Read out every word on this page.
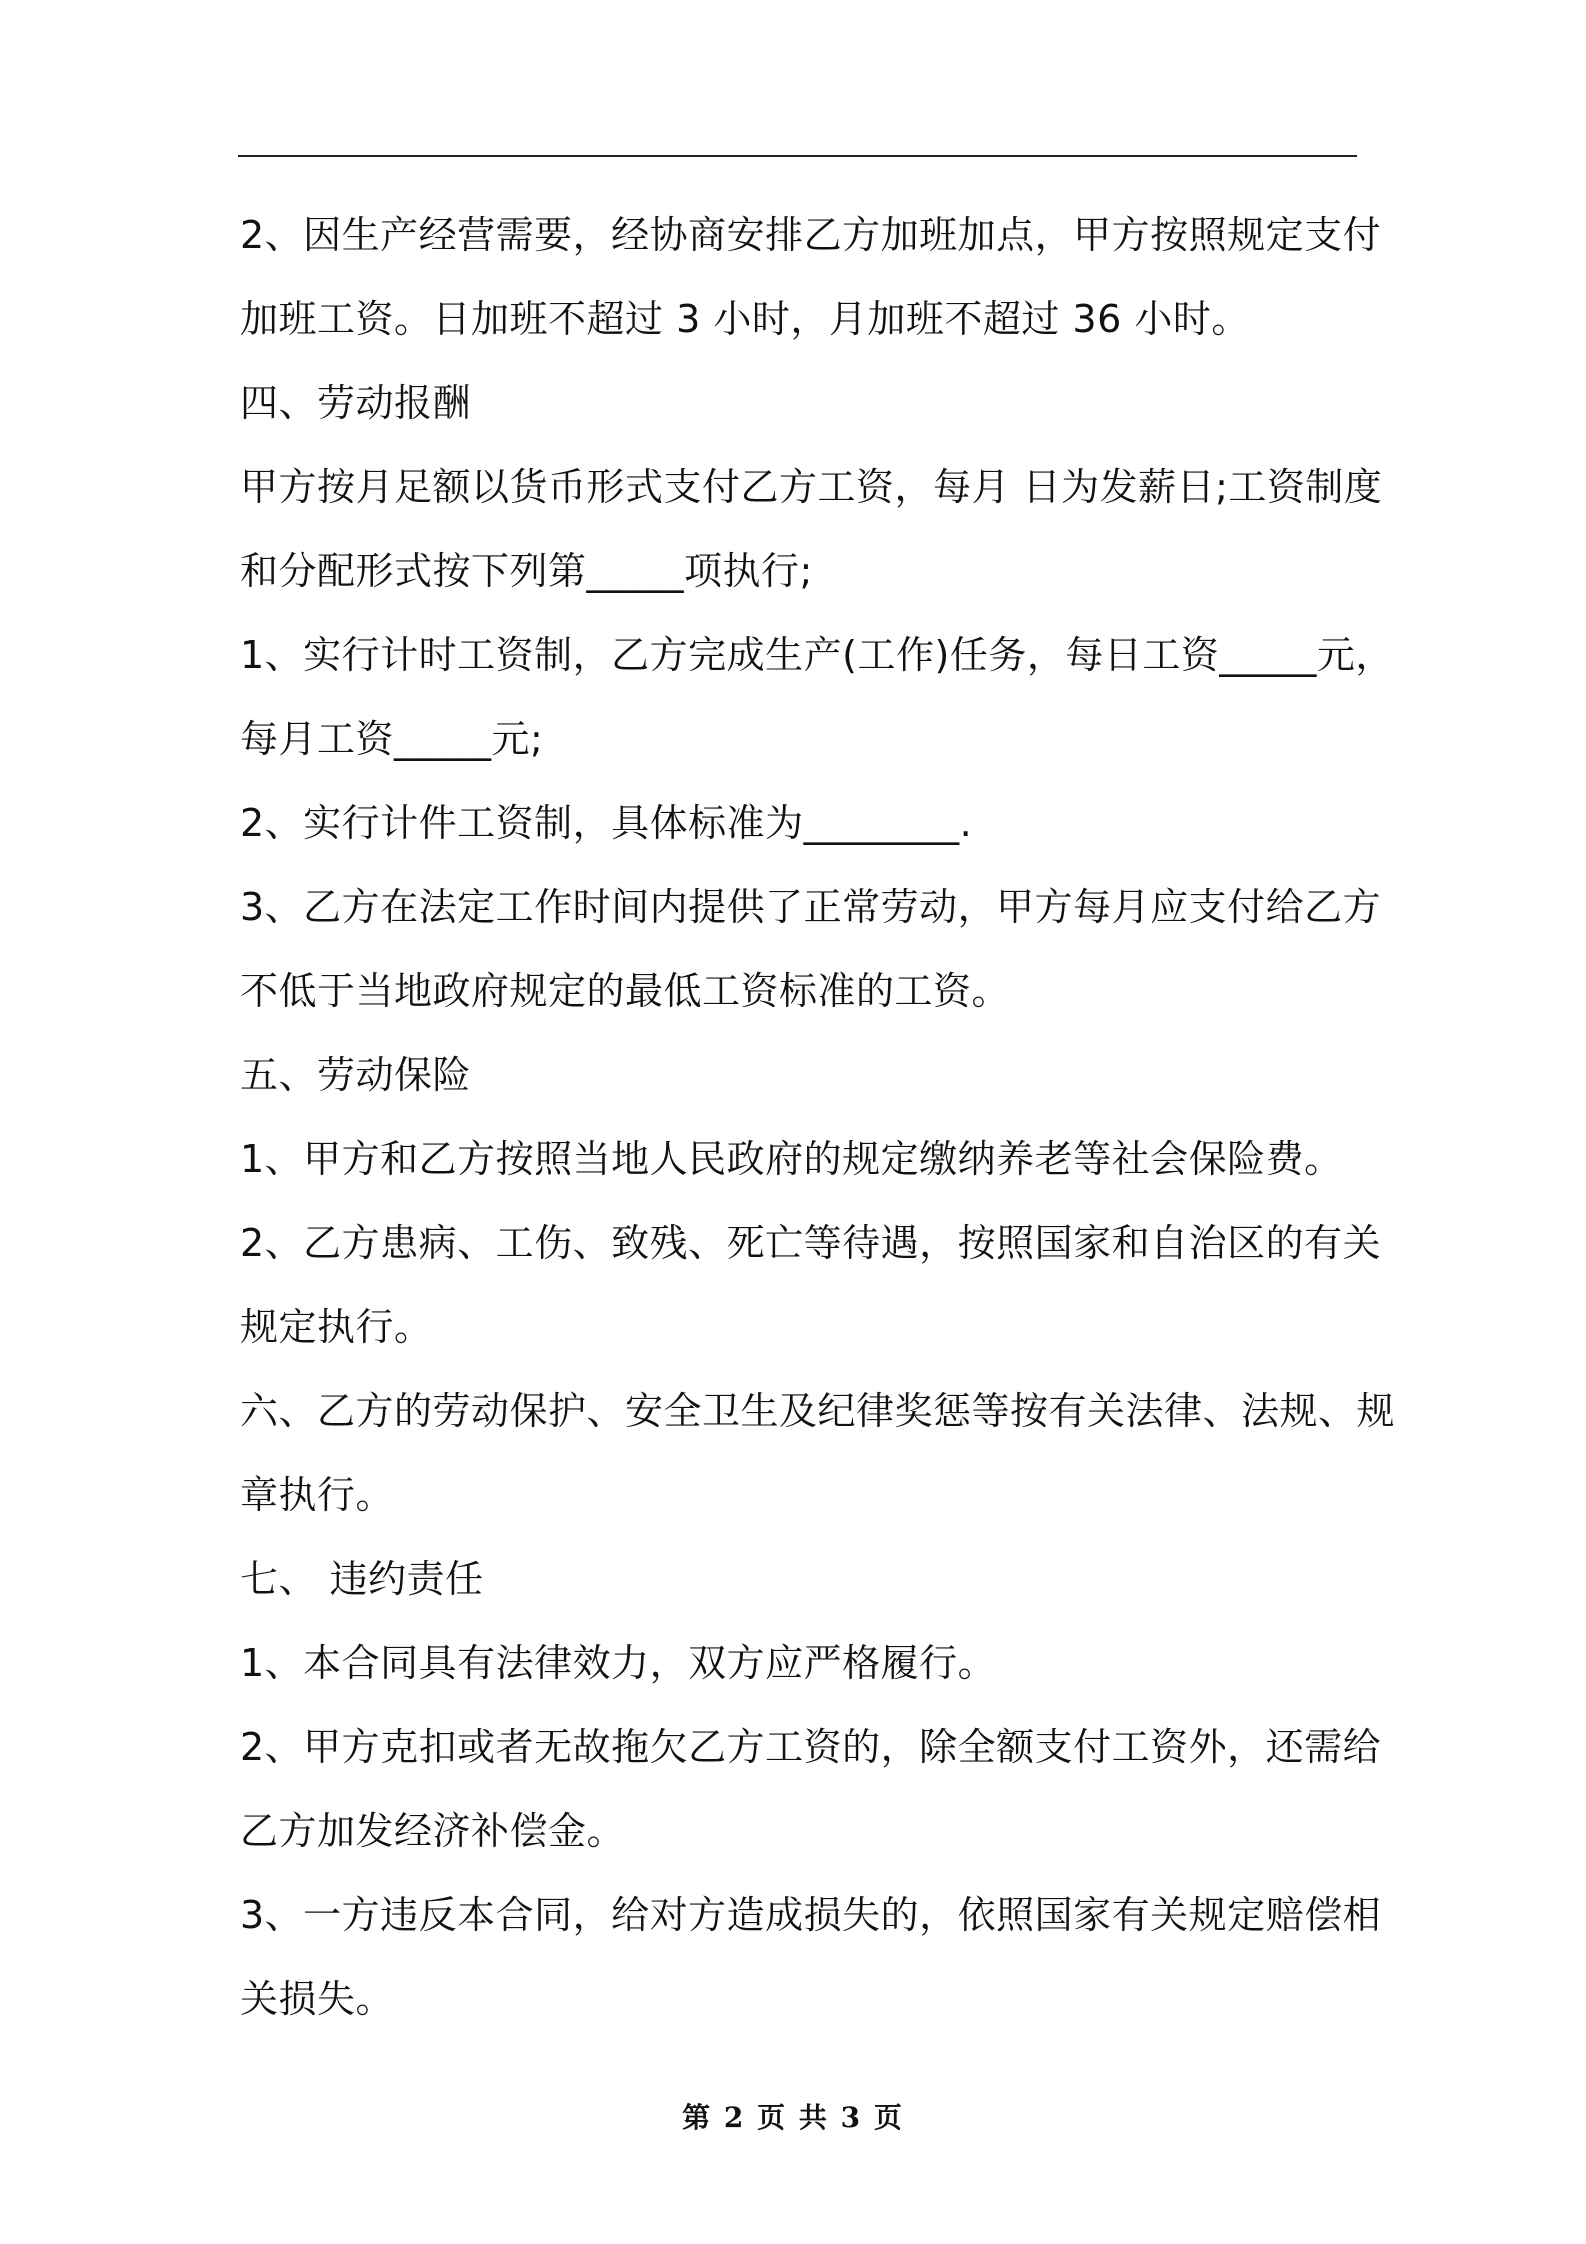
2、因生产经营需要，经协商安排乙方加班加点，甲方按照规定支付
加班工资。日加班不超过 3 小时，月加班不超过 36 小时。
四、劳动报酬
甲方按月足额以货币形式支付乙方工资，每月 日为发薪日;工资制度
和分配形式按下列第_____项执行;
1、实行计时工资制，乙方完成生产(工作)任务，每日工资_____元，
每月工资_____元;
2、实行计件工资制，具体标准为________.
3、乙方在法定工作时间内提供了正常劳动，甲方每月应支付给乙方
不低于当地政府规定的最低工资标准的工资。
五、劳动保险
1、甲方和乙方按照当地人民政府的规定缴纳养老等社会保险费。
2、乙方患病、工伤、致残、死亡等待遇，按照国家和自治区的有关
规定执行。
六、乙方的劳动保护、安全卫生及纪律奖惩等按有关法律、法规、规
章执行。
七、 违约责任
1、本合同具有法律效力，双方应严格履行。
2、甲方克扣或者无故拖欠乙方工资的，除全额支付工资外，还需给
乙方加发经济补偿金。
3、一方违反本合同，给对方造成损失的，依照国家有关规定赔偿相
关损失。
第 2 页 共 3 页
